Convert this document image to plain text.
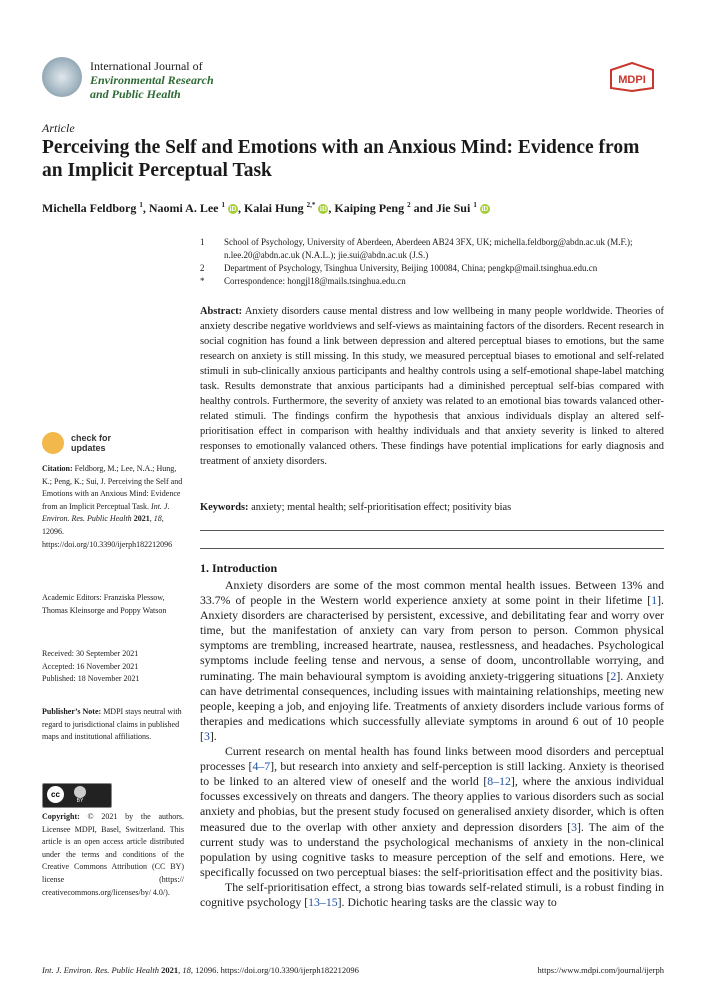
International Journal of
Environmental Research
and Public Health
MDPI
Article
Perceiving the Self and Emotions with an Anxious Mind: Evidence from an Implicit Perceptual Task
Michella Feldborg $^1$, Naomi A. Lee $^1$ iD , Kalai Hung $^{2,*}$ iD , Kaiping Peng $^2$ and Jie Sui $^1$ iD
1	School of Psychology, University of Aberdeen, Aberdeen AB24 3FX, UK; michella.feldborg@abdn.ac.uk (M.F.); n.lee.20@abdn.ac.uk (N.A.L.); jie.sui@abdn.ac.uk (J.S.)
2	Department of Psychology, Tsinghua University, Beijing 100084, China; pengkp@mail.tsinghua.edu.cn
*	Correspondence: hongjl18@mails.tsinghua.edu.cn
Abstract: Anxiety disorders cause mental distress and low wellbeing in many people worldwide. Theories of anxiety describe negative worldviews and self-views as maintaining factors of the disorders. Recent research in social cognition has found a link between depression and altered perceptual biases to emotions, but the same research on anxiety is still missing. In this study, we measured perceptual biases to emotional and self-related stimuli in sub-clinically anxious participants and healthy controls using a self-emotional shape-label matching task. Results demonstrate that anxious participants had a diminished perceptual self-bias compared with healthy controls. Furthermore, the severity of anxiety was related to an emotional bias towards valanced other-related stimuli. The findings confirm the hypothesis that anxious individuals display an altered self-prioritisation effect in comparison with healthy individuals and that anxiety severity is linked to altered responses to emotionally valanced others. These findings have potential implications for early diagnosis and treatment of anxiety disorders.
Keywords: anxiety; mental health; self-prioritisation effect; positivity bias
check for
updates
Citation: Feldborg, M.; Lee, N.A.; Hung, K.; Peng, K.; Sui, J. Perceiving the Self and Emotions with an Anxious Mind: Evidence from an Implicit Perceptual Task. Int. J. Environ. Res. Public Health 2021, 18, 12096. https://doi.org/10.3390/ijerph182212096
Academic Editors: Franziska Plessow, Thomas Kleinsorge and Poppy Watson
Received: 30 September 2021
Accepted: 16 November 2021
Published: 18 November 2021
Publisher’s Note: MDPI stays neutral with regard to jurisdictional claims in published maps and institutional affiliations.
cc
BY
Copyright: © 2021 by the authors. Licensee MDPI, Basel, Switzerland. This article is an open access article distributed under the terms and conditions of the Creative Commons Attribution (CC BY) license (https:// creativecommons.org/licenses/by/ 4.0/).
1. Introduction

Anxiety disorders are some of the most common mental health issues. Between 13% and 33.7% of people in the Western world experience anxiety at some point in their lifetime [1]. Anxiety disorders are characterised by persistent, excessive, and debilitating fear and worry over time, but the manifestation of anxiety can vary from person to person. Common physical symptoms are trembling, increased heartrate, nausea, restlessness, and headaches. Psychological symptoms include feeling tense and nervous, a sense of doom, uncontrollable worrying, and ruminating. The main behavioural symptom is avoiding anxiety-triggering situations [2]. Anxiety can have detrimental consequences, including issues with maintaining relationships, meeting new people, keeping a job, and enjoying life. Treatments of anxiety disorders include various forms of therapies and medications which successfully alleviate symptoms in around 6 out of 10 people [3].

Current research on mental health has found links between mood disorders and perceptual processes [4–7], but research into anxiety and self-perception is still lacking. Anxiety is theorised to be linked to an altered view of oneself and the world [8–12], where the anxious individual focusses excessively on threats and dangers. The theory applies to various disorders such as social anxiety and phobias, but the present study focused on generalised anxiety disorder, which is often measured due to the overlap with other anxiety and depression disorders [3]. The aim of the current study was to understand the psychological mechanisms of anxiety in the non-clinical population by using cognitive tasks to measure perception of the self and emotions. Here, we specifically focussed on two perceptual biases: the self-prioritisation effect and the positivity bias.

The self-prioritisation effect, a strong bias towards self-related stimuli, is a robust finding in cognitive psychology [13–15]. Dichotic hearing tasks are the classic way to

Int. J. Environ. Res. Public Health 2021, 18, 12096. https://doi.org/10.3390/ijerph182212096	https://www.mdpi.com/journal/ijerph
